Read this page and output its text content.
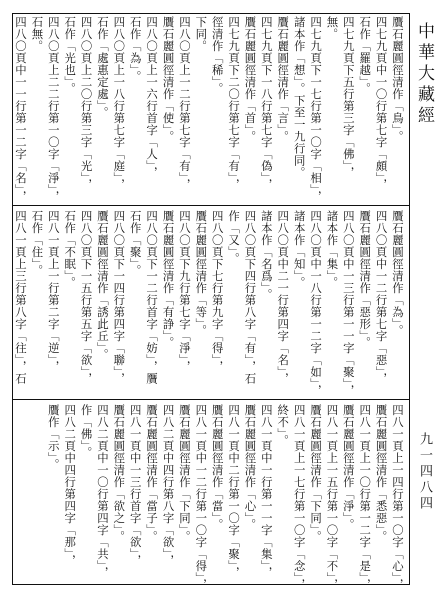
中華大藏經
九一四八四
贋石麗圓徑清作「鳥」。
四七九頁中一〇行第七字「頗」，
石作「羅越」。
四七九頁下五行第三字「佛」，
無。
四七九頁下一七行第一〇字「相」，
諸本作「想」。下至一九行同。
贋石麗圓徑清作「言」。
四七九頁下一八行第七字「偽」，
贋石麗圓徑清作「首」。
四七九頁下二〇行第七字「有」，
徑清作「稀」。
下同。
四八〇頁上一二行第七字「有」，
贋石麗圓徑清作「使」。
四八〇頁上一六行首字「人」，
石作「為」。
四八〇頁上一八行第七字「庭」，
石作「處惠定處」。
四八〇頁上二〇行第三字「光」，
石作「光也」。
四八〇頁上二二行第一〇字「淨」，
石無。
四八〇頁中一一行第一二字「名」，
贋石麗圓徑清作「為」。
四八〇頁中一二行第七字「惡」，
贋石麗圓徑清作「惡形」。
四八〇頁中一三行第一一字「聚」，
諸本作「集」。
四八〇頁中一八行第一二字「如」，
諸本作「知」。
四八〇頁中二一行第四字「名」，
諸本作「名爲」。
四八〇頁下四行第八字「有」，石
作「又」。
四八〇頁下七行第九字「得」，
贋石麗圓徑清作「等」。
四八〇頁下九行第七字「淨」，
贋石麗圓徑清作「有諍」。
四八〇頁下一二行首字「妨」，贋
石作「聚」。
四八〇頁下一四行第四字「聯」，
贋石麗圓徑清作「誘此丘」。
四八〇頁下一五行第五字「欲」，
石作「不眠」。
四八一頁上一行第二字「逆」，
石作「住」。
四八一頁上三行第八字「往」，石
四八一頁上一四行第一〇字「心」，
贋石麗圓徑清作「悉惡」。
四八一頁上一〇行第一二字「是」，
贋石麗圓徑清作「淨」。
四八一頁上一五行第一〇字「不」，
贋石麗圓徑清作「下同」。
四八一頁上一七行第一〇字「念」，
終不」。
四八一頁中一行第一一字「集」，
贋石麗圓徑清作「心」。
四八一頁中二行第一〇字「聚」，
贋石麗圓徑清作「當」。
四八一頁中一二行第一〇字「得」，
贋石麗圓徑清作「下同」。
四八二頁中四行第八字「欲」，
贋石麗圓徑清作「當子」。
四八一頁中一三行首字「欲」，
贋石麗圓徑清作「欲之」。
四八二頁中一〇行第四字「共」，
作「佛」。
四八二頁中四行第四字「那」，
贋作「示」。
